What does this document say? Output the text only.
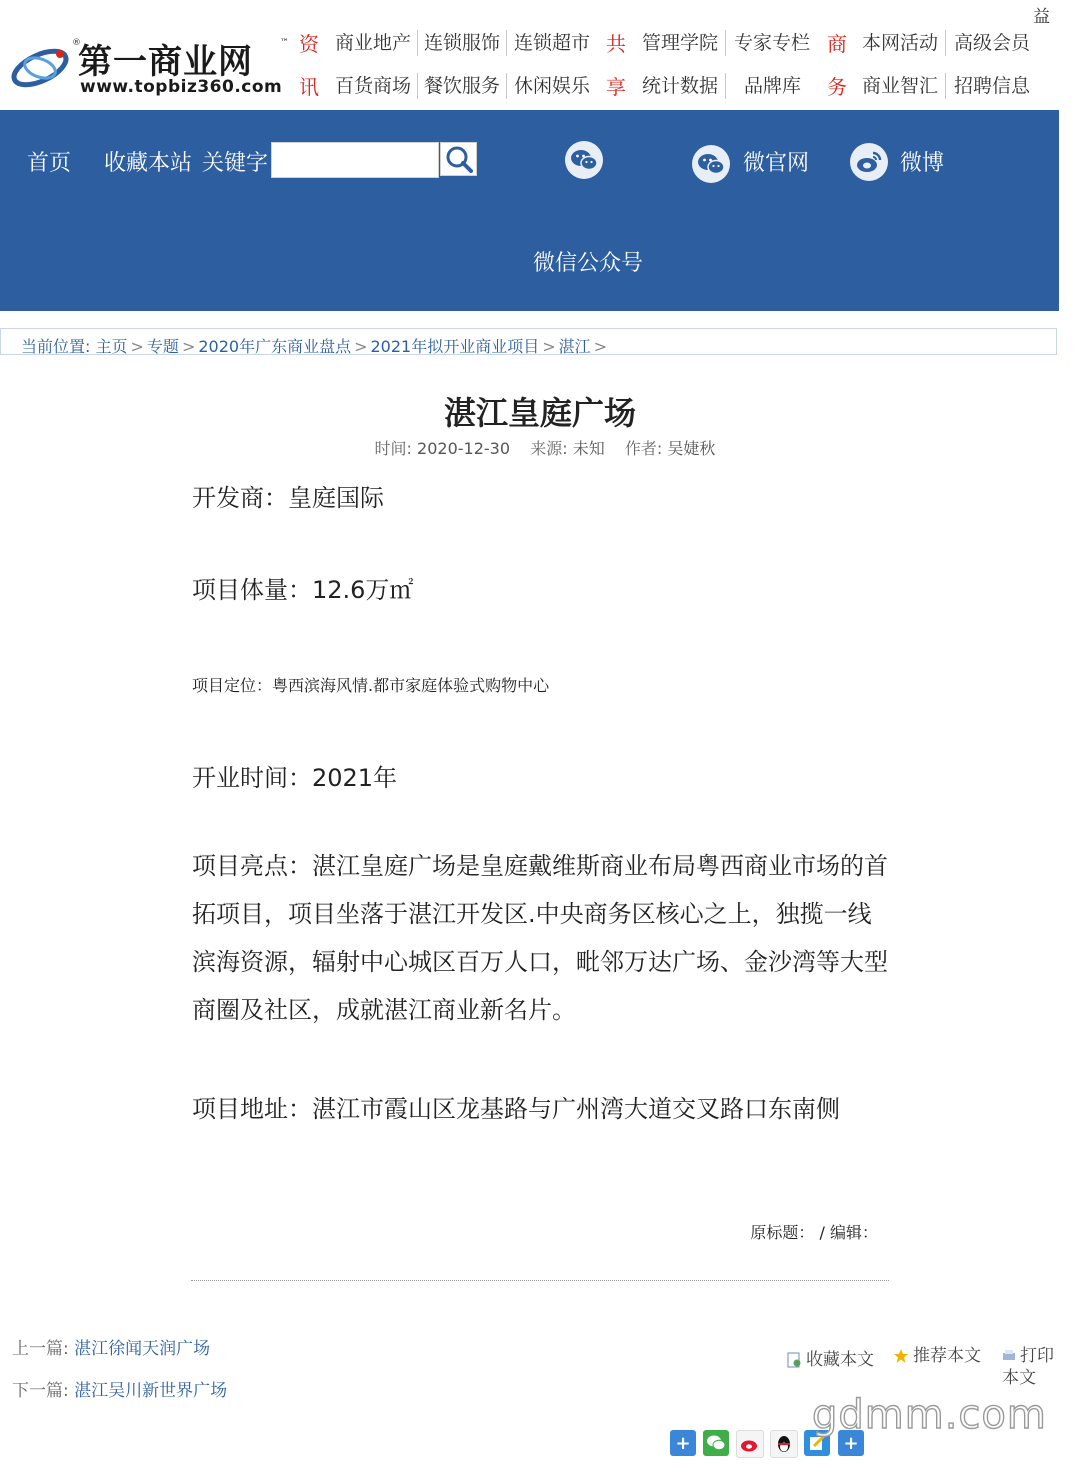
益
®
第一商业网	™
www.topbiz360.com
资 商业地产 连锁服饰 连锁超市 共 管理学院 专家专栏 商 本网活动 高级会员
讯 百货商场 餐饮服务 休闲娱乐 享 统计数据 品牌库 务 商业智汇 招聘信息
首页 收藏本站 关键字	微官网	微博
微信公众号
当前位置: 主页 > 专题 > 2020年广东商业盘点 > 2021年拟开业商业项目 > 湛江 >
湛江皇庭广场
时间: 2020-12-30 来源: 未知 作者: 吴婕秋
开发商：皇庭国际
项目体量：12.6万㎡
项目定位：粤西滨海风情.都市家庭体验式购物中心
开业时间：2021年
项目亮点：湛江皇庭广场是皇庭戴维斯商业布局粤西商业市场的首拓项目，项目坐落于湛江开发区.中央商务区核心之上，独揽一线滨海资源，辐射中心城区百万人口，毗邻万达广场、金沙湾等大型商圈及社区，成就湛江商业新名片。
项目地址：湛江市霞山区龙基路与广州湾大道交叉路口东南侧
原标题： / 编辑：
上一篇: 湛江徐闻天润广场
下一篇: 湛江吴川新世界广场
收藏本文	推荐本文	打印本文
+	+
gdmm.com
